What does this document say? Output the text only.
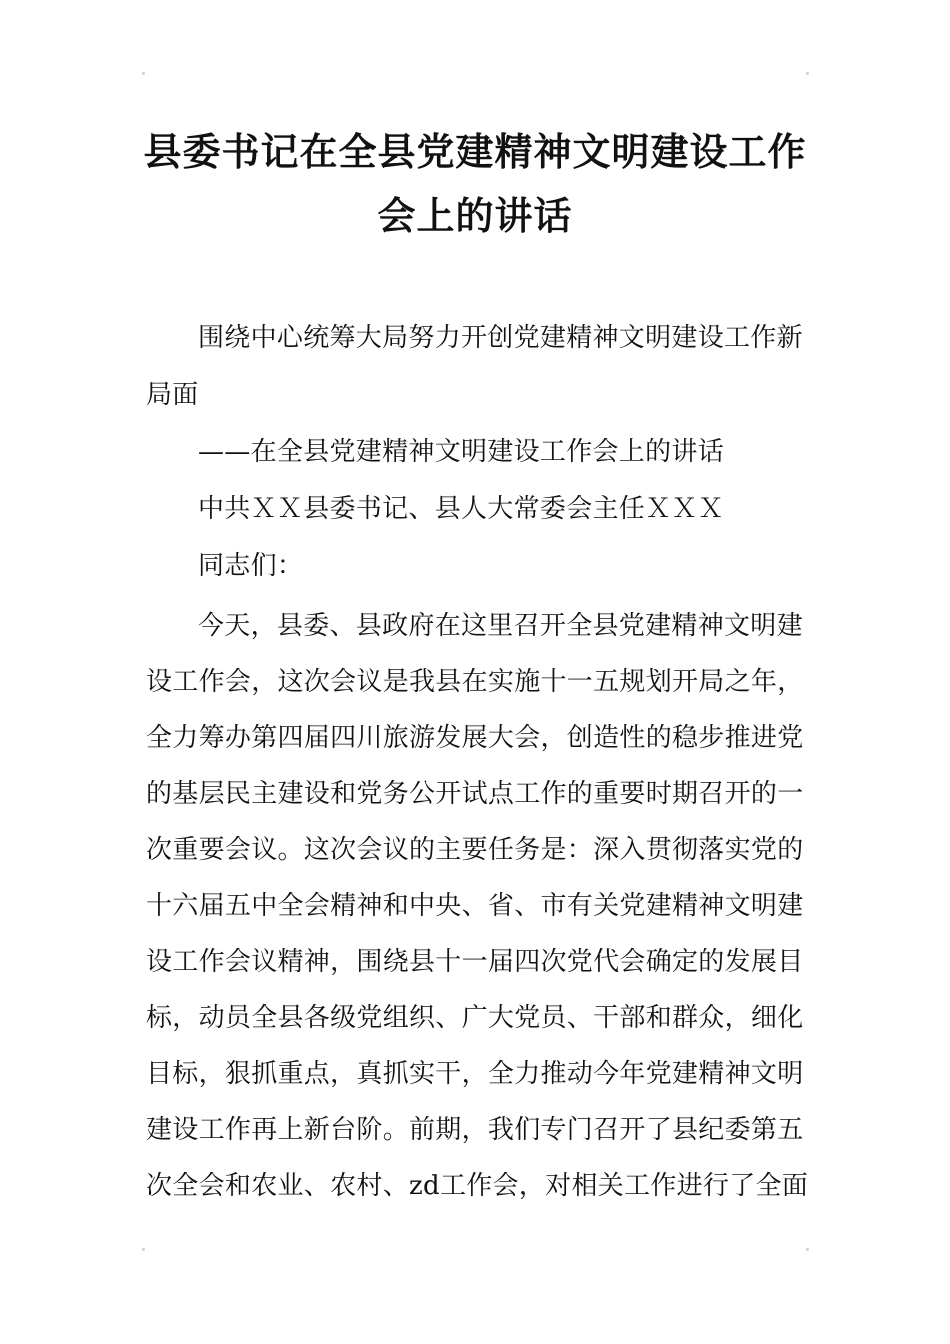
县委书记在全县党建精神文明建设工作
会上的讲话
围绕中心统筹大局努力开创党建精神文明建设工作新
局面
——在全县党建精神文明建设工作会上的讲话
中共ＸＸ县委书记、县人大常委会主任ＸＸＸ
同志们：
今天，县委、县政府在这里召开全县党建精神文明建
设工作会，这次会议是我县在实施十一五规划开局之年，
全力筹办第四届四川旅游发展大会，创造性的稳步推进党
的基层民主建设和党务公开试点工作的重要时期召开的一
次重要会议。这次会议的主要任务是：深入贯彻落实党的
十六届五中全会精神和中央、省、市有关党建精神文明建
设工作会议精神，围绕县十一届四次党代会确定的发展目
标，动员全县各级党组织、广大党员、干部和群众，细化
目标，狠抓重点，真抓实干，全力推动今年党建精神文明
建设工作再上新台阶。前期，我们专门召开了县纪委第五
次全会和农业、农村、zd工作会，对相关工作进行了全面
